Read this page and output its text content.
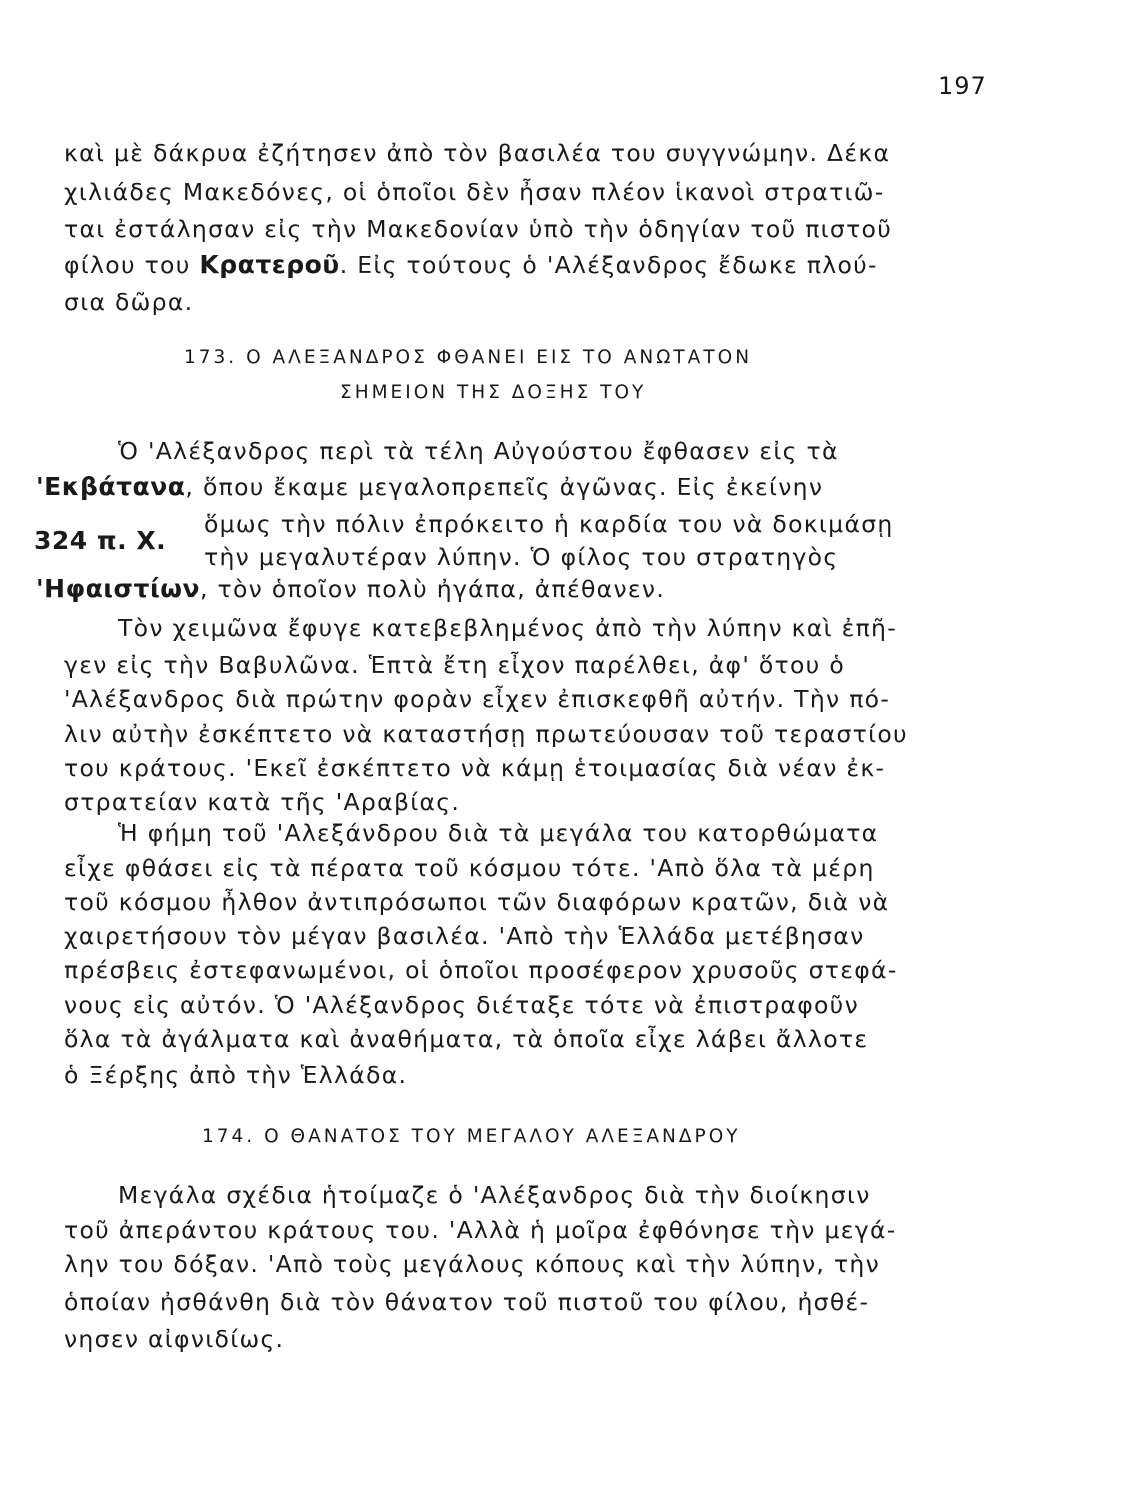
197
καὶ μὲ δάκρυα ἐζήτησεν ἀπὸ τὸν βασιλέα του συγγνώμην. Δέκα
χιλιάδες Μακεδόνες, οἱ ὁποῖοι δὲν ἦσαν πλέον ἱκανοὶ στρατιῶ-
ται ἐστάλησαν εἰς τὴν Μακεδονίαν ὑπὸ τὴν ὁδηγίαν τοῦ πιστοῦ
φίλου του Κρατεροῦ. Εἰς τούτους ὁ 'Αλέξανδρος ἔδωκε πλού-
σια δῶρα.
173. Ο ΑΛΕΞΑΝΔΡΟΣ ΦΘΑΝΕΙ ΕΙΣ ΤΟ ΑΝΩΤΑΤΟΝ
ΣΗΜΕΙΟΝ ΤΗΣ ΔΟΞΗΣ ΤΟΥ
Ὁ 'Αλέξανδρος περὶ τὰ τέλη Αὐγούστου ἔφθασεν εἰς τὰ
'Εκβάτανα, ὅπου ἔκαμε μεγαλοπρεπεῖς ἀγῶνας. Εἰς ἐκείνην
324 π. Χ.
ὅμως τὴν πόλιν ἐπρόκειτο ἡ καρδία του νὰ δοκιμάσῃ
τὴν μεγαλυτέραν λύπην. Ὁ φίλος του στρατηγὸς
'Ηφαιστίων, τὸν ὁποῖον πολὺ ἠγάπα, ἀπέθανεν.
Τὸν χειμῶνα ἔφυγε κατεβεβλημένος ἀπὸ τὴν λύπην καὶ ἐπῆ-
γεν εἰς τὴν Βαβυλῶνα. Ἑπτὰ ἔτη εἶχον παρέλθει, ἀφ' ὅτου ὁ
'Αλέξανδρος διὰ πρώτην φορὰν εἶχεν ἐπισκεφθῆ αὐτήν. Τὴν πό-
λιν αὐτὴν ἐσκέπτετο νὰ καταστήσῃ πρωτεύουσαν τοῦ τεραστίου
του κράτους. 'Εκεῖ ἐσκέπτετο νὰ κάμῃ ἑτοιμασίας διὰ νέαν ἐκ-
στρατείαν κατὰ τῆς 'Αραβίας.
Ἡ φήμη τοῦ 'Αλεξάνδρου διὰ τὰ μεγάλα του κατορθώματα
εἶχε φθάσει εἰς τὰ πέρατα τοῦ κόσμου τότε. 'Απὸ ὅλα τὰ μέρη
τοῦ κόσμου ἦλθον ἀντιπρόσωποι τῶν διαφόρων κρατῶν, διὰ νὰ
χαιρετήσουν τὸν μέγαν βασιλέα. 'Απὸ τὴν Ἑλλάδα μετέβησαν
πρέσβεις ἐστεφανωμένοι, οἱ ὁποῖοι προσέφερον χρυσοῦς στεφά-
νους εἰς αὐτόν. Ὁ 'Αλέξανδρος διέταξε τότε νὰ ἐπιστραφοῦν
ὅλα τὰ ἀγάλματα καὶ ἀναθήματα, τὰ ὁποῖα εἶχε λάβει ἄλλοτε
ὁ Ξέρξης ἀπὸ τὴν Ἑλλάδα.
174. Ο ΘΑΝΑΤΟΣ ΤΟΥ ΜΕΓΑΛΟΥ ΑΛΕΞΑΝΔΡΟΥ
Μεγάλα σχέδια ἡτοίμαζε ὁ 'Αλέξανδρος διὰ τὴν διοίκησιν
τοῦ ἀπεράντου κράτους του. 'Αλλὰ ἡ μοῖρα ἐφθόνησε τὴν μεγά-
λην του δόξαν. 'Απὸ τοὺς μεγάλους κόπους καὶ τὴν λύπην, τὴν
ὁποίαν ἠσθάνθη διὰ τὸν θάνατον τοῦ πιστοῦ του φίλου, ἠσθέ-
νησεν αἰφνιδίως.
